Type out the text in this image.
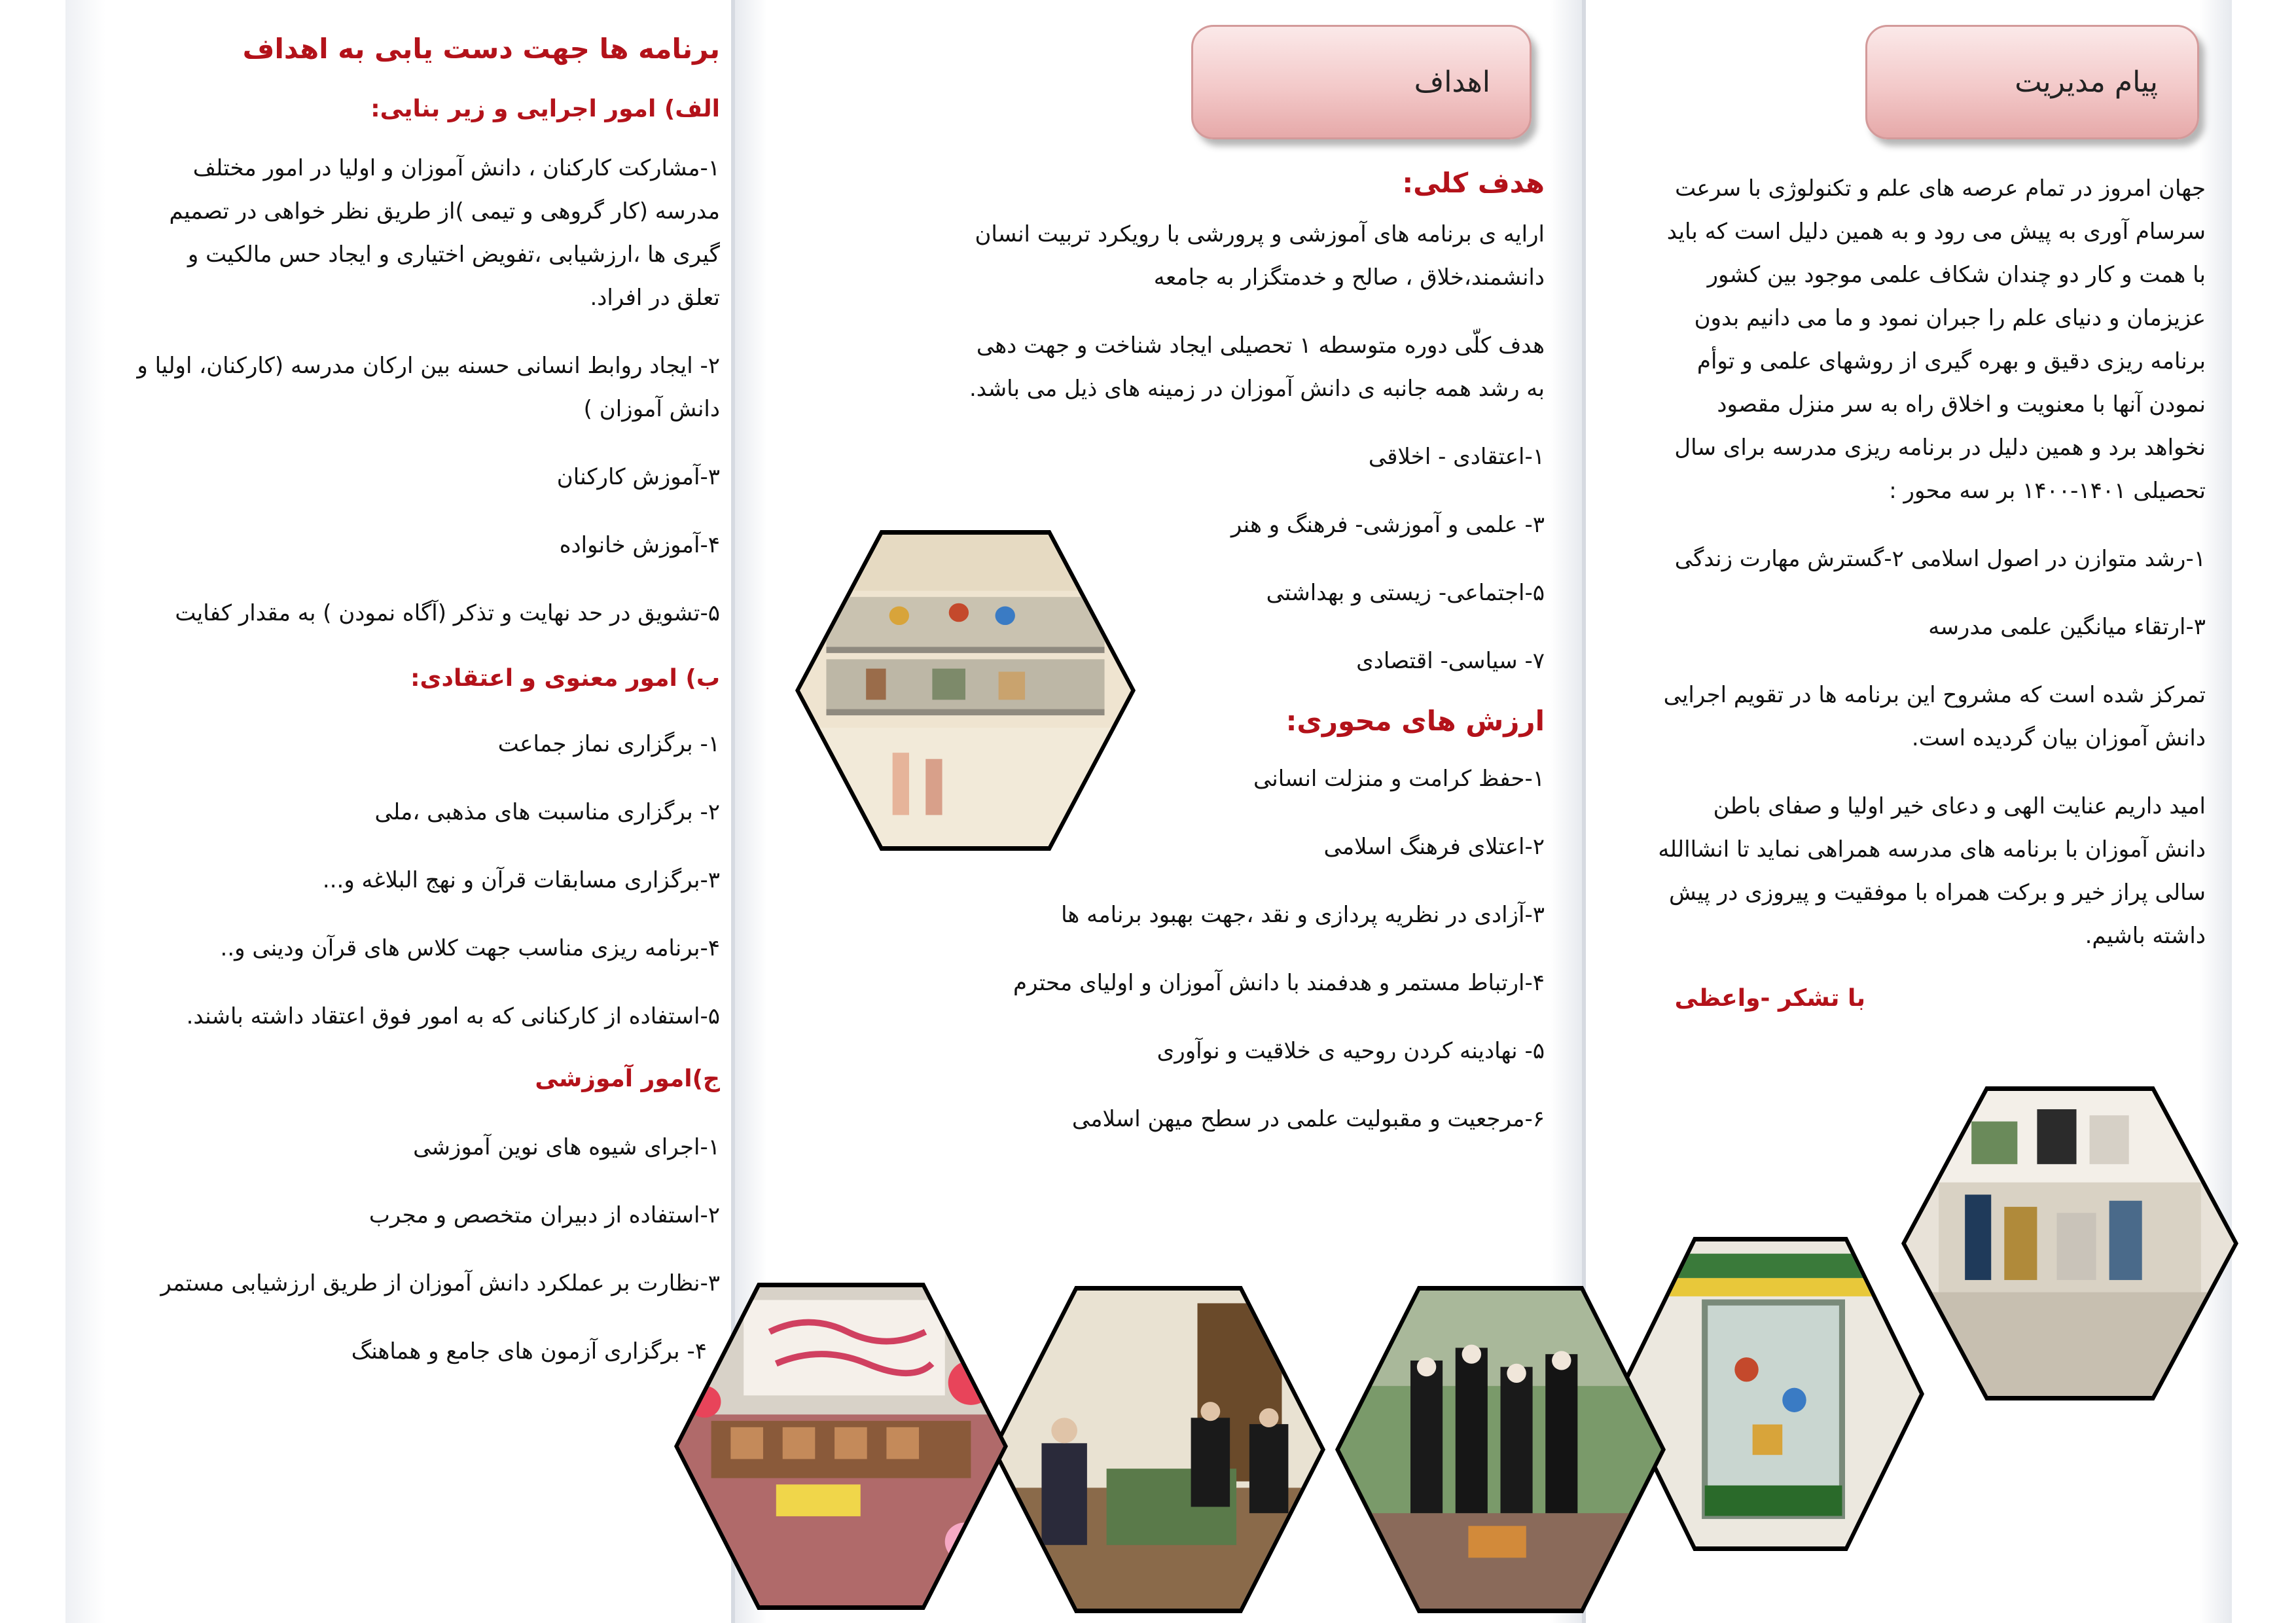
پیام مدیریت
جهان امروز در تمام عرصه های علم و تکنولوژی با سرعت
سرسام آوری به پیش می رود و به همین دلیل است که باید
با همت و کار دو چندان شکاف علمی موجود بین کشور
عزیزمان و دنیای علم را جبران نمود و ما می دانیم بدون
برنامه ریزی دقیق و بهره گیری از روشهای علمی و توأم
نمودن آنها با معنویت و اخلاق راه به سر منزل مقصود
نخواهد برد و همین دلیل در برنامه ریزی مدرسه برای سال
تحصیلی ۱۴۰۱-۱۴۰۰ بر سه محور :
۱-رشد متوازن در اصول اسلامی ۲-گسترش مهارت زندگی
۳-ارتقاء میانگین علمی مدرسه
تمرکز شده است که مشروح این برنامه ها در تقویم اجرایی
دانش آموزان بیان گردیده است.
امید داریم عنایت الهی و دعای خیر اولیا و صفای باطن
دانش آموزان با برنامه های مدرسه همراهی نماید تا انشاالله
سالی پراز خیر و برکت همراه با موفقیت و پیروزی در پیش
داشته باشیم.
با تشکر -واعظی
اهداف
هدف کلی:
ارایه ی برنامه های آموزشی و پرورشی با رویکرد تربیت انسان
دانشمند،خلاق ، صالح و خدمتگزار به جامعه
هدف کلّی دوره متوسطه ۱ تحصیلی ایجاد شناخت و جهت دهی
به رشد همه جانبه ی دانش آموزان در زمینه های ذیل می باشد.
۱-اعتقادی - اخلاقی
۳- علمی و آموزشی- فرهنگ و هنر
۵-اجتماعی- زیستی و بهداشتی
۷- سیاسی- اقتصادی
ارزش های محوری:
۱-حفظ کرامت و منزلت انسانی
۲-اعتلای فرهنگ اسلامی
۳-آزادی در نظریه پردازی و نقد ،جهت بهبود برنامه ها
۴-ارتباط مستمر و هدفمند با دانش آموزان و اولیای محترم
۵- نهادینه کردن روحیه ی خلاقیت و نوآوری
۶-مرجعیت و مقبولیت علمی در سطح میهن اسلامی
برنامه ها جهت دست یابی به اهداف
الف) امور اجرایی و زیر بنایی:
۱-مشارکت کارکنان ، دانش آموزان و اولیا در امور مختلف
مدرسه (کار گروهی و تیمی )از طریق نظر خواهی در تصمیم
گیری ها ،ارزشیابی ،تفویض اختیاری و ایجاد حس مالکیت و
تعلق در افراد.
۲- ایجاد روابط انسانی حسنه بین ارکان مدرسه (کارکنان، اولیا و
دانش آموزان )
۳-آموزش کارکنان
۴-آموزش خانواده
۵-تشویق در حد نهایت و تذکر (آگاه نمودن ) به مقدار کفایت
ب) امور معنوی و اعتقادی:
۱- برگزاری نماز جماعت
۲- برگزاری مناسبت های مذهبی ،ملی
۳-برگزاری مسابقات قرآن و نهج البلاغه و...
۴-برنامه ریزی مناسب جهت کلاس های قرآن ودینی و..
۵-استفاده از کارکنانی که به امور فوق اعتقاد داشته باشند.
ج)امور آموزشی
۱-اجرای شیوه های نوین آموزشی
۲-استفاده از دبیران متخصص و مجرب
۳-نظارت بر عملکرد دانش آموزان از طریق ارزشیابی مستمر
۴- برگزاری آزمون های جامع و هماهنگ
